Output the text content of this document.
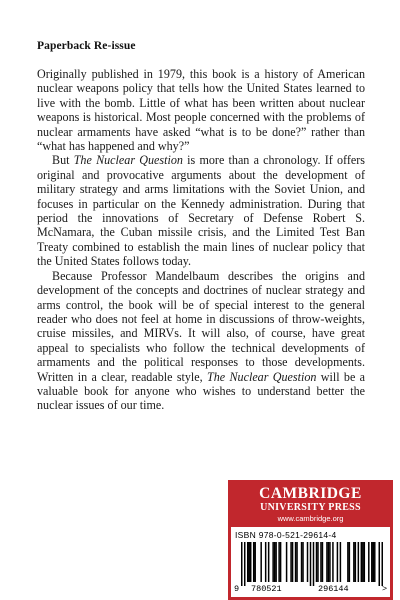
Paperback Re-issue

Originally published in 1979, this book is a history of American nuclear weapons policy that tells how the United States learned to live with the bomb. Little of what has been written about nuclear weapons is historical. Most people concerned with the problems of nuclear armaments have asked “what is to be done?” rather than “what has happened and why?”

But The Nuclear Question is more than a chronology. If offers original and provocative arguments about the development of military strategy and arms limitations with the Soviet Union, and focuses in particular on the Kennedy administration. During that period the innovations of Secretary of Defense Robert S. McNamara, the Cuban missile crisis, and the Limited Test Ban Treaty combined to establish the main lines of nuclear policy that the United States follows today.

Because Professor Mandelbaum describes the origins and development of the concepts and doctrines of nuclear strategy and arms control, the book will be of special interest to the general reader who does not feel at home in discussions of throw-weights, cruise missiles, and MIRVs. It will also, of course, have great appeal to specialists who follow the technical developments of armaments and the political responses to those developments. Written in a clear, readable style, The Nuclear Question will be a valuable book for anyone who wishes to understand better the nuclear issues of our time.

CAMBRIDGE
UNIVERSITY PRESS
www.cambridge.org
ISBN 978-0-521-29614-4
9 780521	296144	>
